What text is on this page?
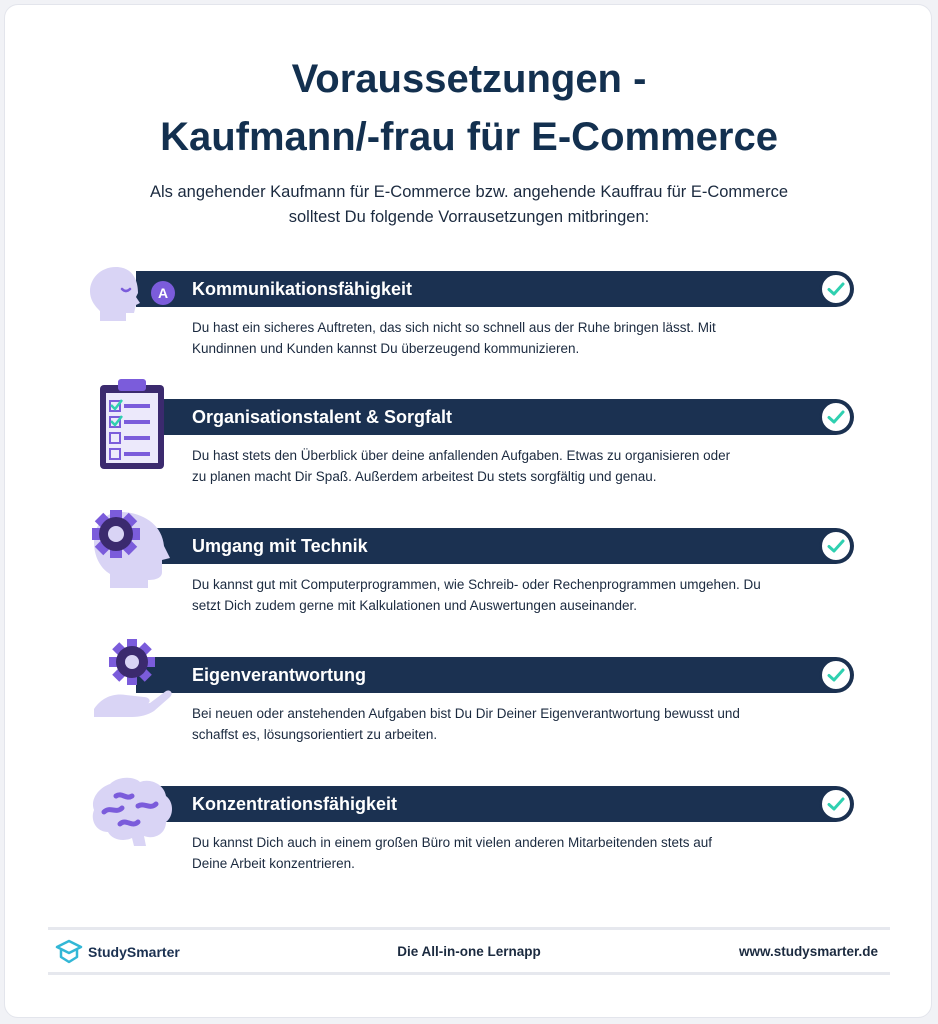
Voraussetzungen -
Kaufmann/-frau für E-Commerce
Als angehender Kaufmann für E-Commerce bzw. angehende Kauffrau für E-Commerce
solltest Du folgende Vorrausetzungen mitbringen:
Kommunikationsfähigkeit
Du hast ein sicheres Auftreten, das sich nicht so schnell aus der Ruhe bringen lässt. Mit
Kundinnen und Kunden kannst Du überzeugend kommunizieren.
A
Organisationstalent & Sorgfalt
Du hast stets den Überblick über deine anfallenden Aufgaben. Etwas zu organisieren oder
zu planen macht Dir Spaß. Außerdem arbeitest Du stets sorgfältig und genau.
Umgang mit Technik
Du kannst gut mit Computerprogrammen, wie Schreib- oder Rechenprogrammen umgehen. Du
setzt Dich zudem gerne mit Kalkulationen und Auswertungen auseinander.
Eigenverantwortung
Bei neuen oder anstehenden Aufgaben bist Du Dir Deiner Eigenverantwortung bewusst und
schaffst es, lösungsorientiert zu arbeiten.
Konzentrationsfähigkeit
Du kannst Dich auch in einem großen Büro mit vielen anderen Mitarbeitenden stets auf
Deine Arbeit konzentrieren.
StudySmarter	Die All-in-one Lernapp	www.studysmarter.de
